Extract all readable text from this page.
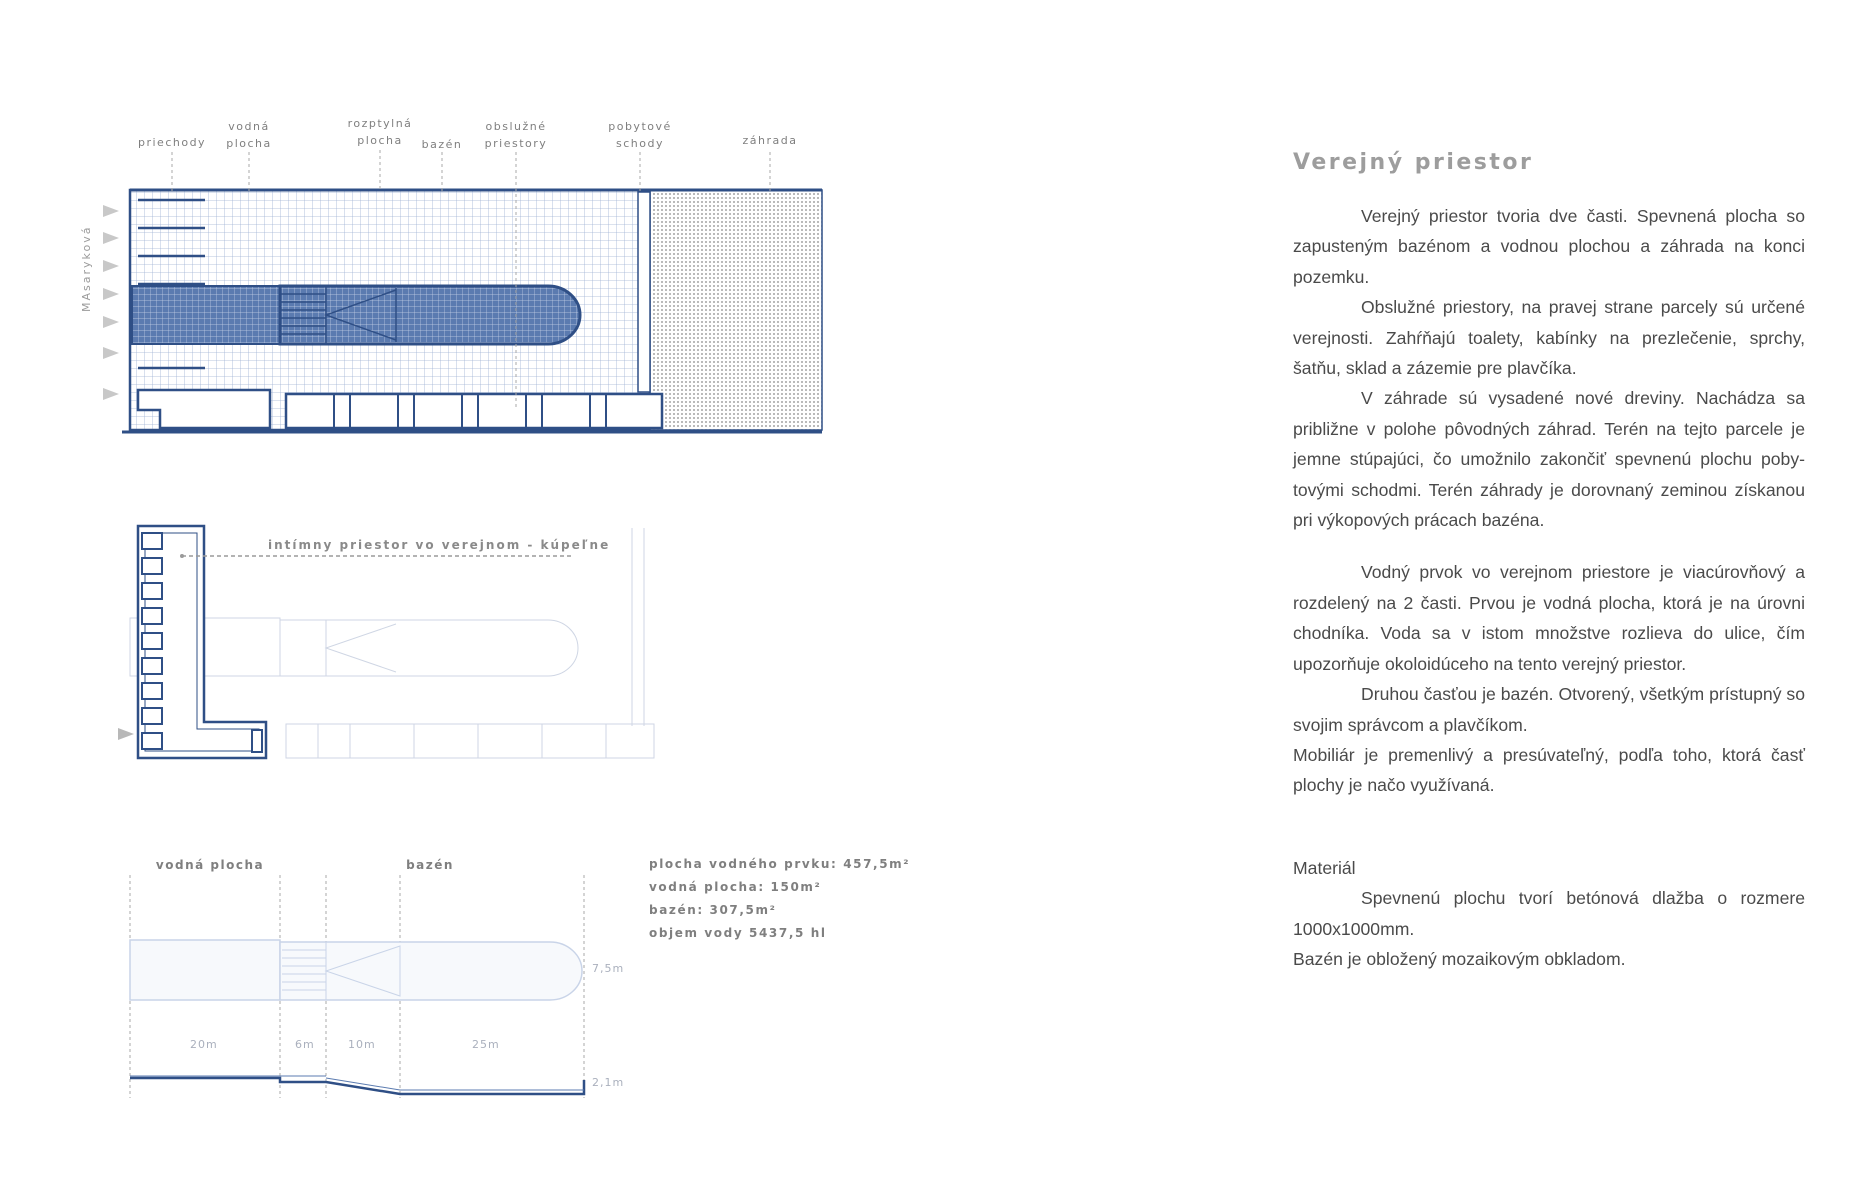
priechody
vodná
plocha
rozptylná
plocha	bazén
obslužné
priestory
pobytové
schody	záhrada
MAsaryková
intímny priestor vo verejnom - kúpeľne
vodná plocha	bazén
20m	6m	10m	25m
7,5m
2,1m
plocha vodného prvku: 457,5m²
vodná plocha: 150m²
bazén: 307,5m²
objem vody 5437,5 hl
Verejný priestor

Verejný priestor tvoria dve časti. Spevnená plocha so zapusteným bazénom a vodnou plochou a záhrada na konci pozemku.

Obslužné priestory, na pravej strane parcely sú určené verejnosti. Zahŕňajú toalety, kabínky na prezlečenie, sprchy, šatňu, sklad a zázemie pre plavčíka.

V záhrade sú vysadené nové dreviny. Nachádza sa približne v polohe pôvodných záhrad. Terén na tejto parcele je jemne stúpajúci, čo umožnilo zakončiť spevnenú plochu poby-tovými schodmi. Terén záhrady je dorovnaný zeminou získanou pri výkopových prácach bazéna.

Vodný prvok vo verejnom priestore je viacúrovňový a rozdelený na 2 časti. Prvou je vodná plocha, ktorá je na úrovni chodníka. Voda sa v istom množstve rozlieva do ulice, čím upozorňuje okoloidúceho na tento verejný priestor.

Druhou časťou je bazén. Otvorený, všetkým prístupný so svojim správcom a plavčíkom.

Mobiliár je premenlivý a presúvateľný, podľa toho, ktorá časť plochy je načo využívaná.

Materiál

Spevnenú plochu tvorí betónová dlažba o rozmere 1000x1000mm.

Bazén je obložený mozaikovým obkladom.
